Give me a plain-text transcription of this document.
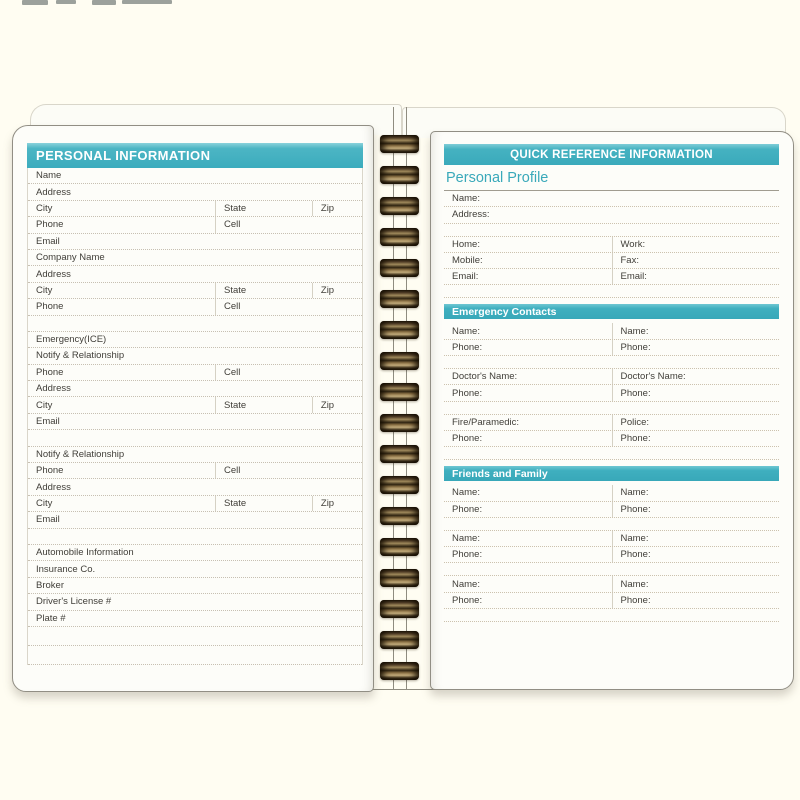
PERSONAL INFORMATION
Name
Address
City	State	Zip
Phone	Cell
Email
Company Name
Address
City	State	Zip
Phone	Cell
Emergency(ICE)
Notify & Relationship
Phone	Cell
Address
City	State	Zip
Email
Notify & Relationship
Phone	Cell
Address
City	State	Zip
Email
Automobile Information
Insurance Co.
Broker
Driver's License #
Plate #
QUICK REFERENCE INFORMATION
Personal Profile
Name:
Address:
Home:	Work:
Mobile:	Fax:
Email:	Email:
Emergency Contacts
Name:	Name:
Phone:	Phone:
Doctor's Name:	Doctor's Name:
Phone:	Phone:
Fire/Paramedic:	Police:
Phone:	Phone:
Friends and Family
Name:	Name:
Phone:	Phone:
Name:	Name:
Phone:	Phone:
Name:	Name:
Phone:	Phone:
